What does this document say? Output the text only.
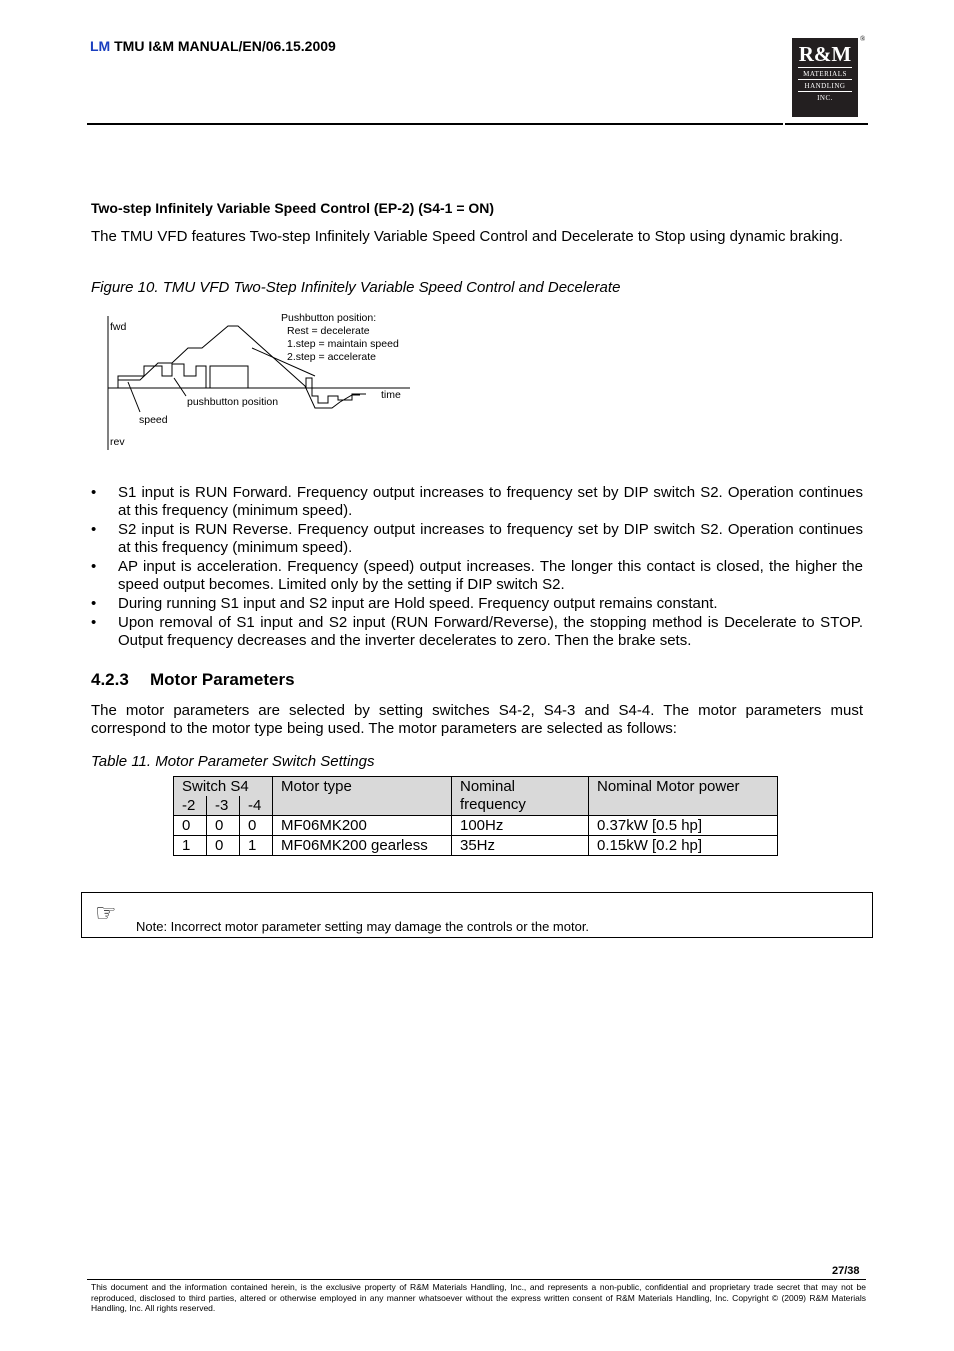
LM TMU I&M MANUAL/EN/06.15.2009	R&M
MATERIALS
HANDLING
INC.
®
Two-step Infinitely Variable Speed Control (EP-2) (S4-1 = ON)
The TMU VFD features Two-step Infinitely Variable Speed Control and Decelerate to Stop using dynamic braking.
Figure 10. TMU VFD Two-Step Infinitely Variable Speed Control and Decelerate
fwd
rev
speed
pushbutton position
time
Pushbutton position:
Rest = decelerate
1.step = maintain speed
2.step = accelerate
• S1 input is RUN Forward. Frequency output increases to frequency set by DIP switch S2. Operation continues at this frequency (minimum speed).
• S2 input is RUN Reverse. Frequency output increases to frequency set by DIP switch S2. Operation continues at this frequency (minimum speed).
• AP input is acceleration. Frequency (speed) output increases. The longer this contact is closed, the higher the speed output becomes. Limited only by the setting if DIP switch S2.
• During running S1 input and S2 input are Hold speed. Frequency output remains constant.
• Upon removal of S1 input and S2 input (RUN Forward/Reverse), the stopping method is Decelerate to STOP. Output frequency decreases and the inverter decelerates to zero. Then the brake sets.
4.2.3 Motor Parameters
The motor parameters are selected by setting switches S4-2, S4-3 and S4-4. The motor parameters must correspond to the motor type being used. The motor parameters are selected as follows:
Table 11. Motor Parameter Switch Settings
Switch S4			Motor type	Nominal frequency	Nominal Motor power
-2	-3	-4			
0	0	0	MF06MK200	100Hz	0.37kW [0.5 hp]
1	0	1	MF06MK200 gearless	35Hz	0.15kW [0.2 hp]
☞ Note: Incorrect motor parameter setting may damage the controls or the motor.
27/38
This document and the information contained herein, is the exclusive property of R&M Materials Handling, Inc., and represents a non-public, confidential and proprietary trade secret that may not be reproduced, disclosed to third parties, altered or otherwise employed in any manner whatsoever without the express written consent of R&M Materials Handling, Inc. Copyright © (2009) R&M Materials Handling, Inc. All rights reserved.
